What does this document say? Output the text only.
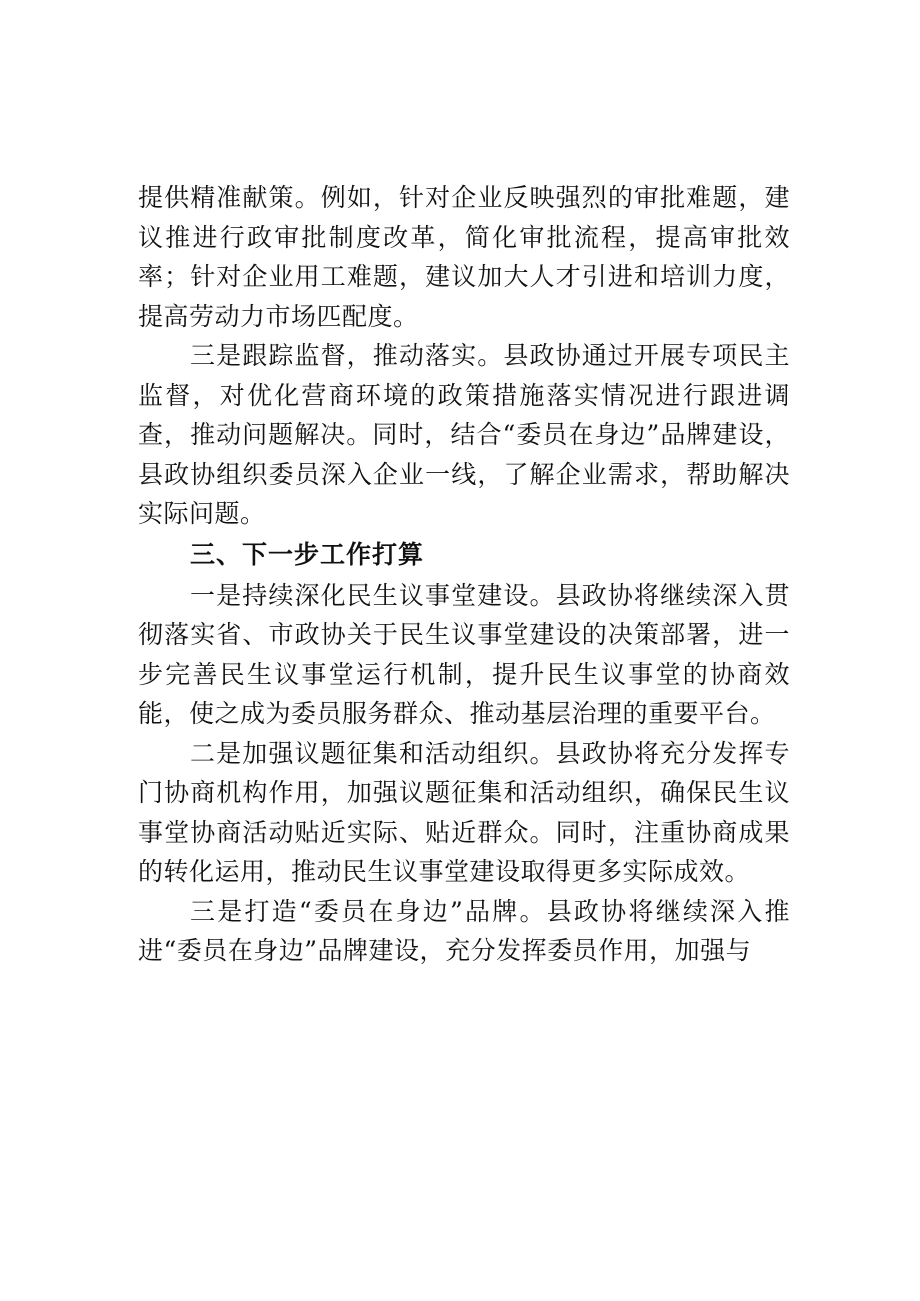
提供精准献策。例如，针对企业反映强烈的审批难题，建议推进行政审批制度改革，简化审批流程，提高审批效率；针对企业用工难题，建议加大人才引进和培训力度，提高劳动力市场匹配度。

三是跟踪监督，推动落实。县政协通过开展专项民主监督，对优化营商环境的政策措施落实情况进行跟进调查，推动问题解决。同时，结合“委员在身边”品牌建设，县政协组织委员深入企业一线，了解企业需求，帮助解决实际问题。

三、下一步工作打算

一是持续深化民生议事堂建设。县政协将继续深入贯彻落实省、市政协关于民生议事堂建设的决策部署，进一步完善民生议事堂运行机制，提升民生议事堂的协商效能，使之成为委员服务群众、推动基层治理的重要平台。

二是加强议题征集和活动组织。县政协将充分发挥专门协商机构作用，加强议题征集和活动组织，确保民生议事堂协商活动贴近实际、贴近群众。同时，注重协商成果的转化运用，推动民生议事堂建设取得更多实际成效。

三是打造“委员在身边”品牌。县政协将继续深入推进“委员在身边”品牌建设，充分发挥委员作用，加强与
